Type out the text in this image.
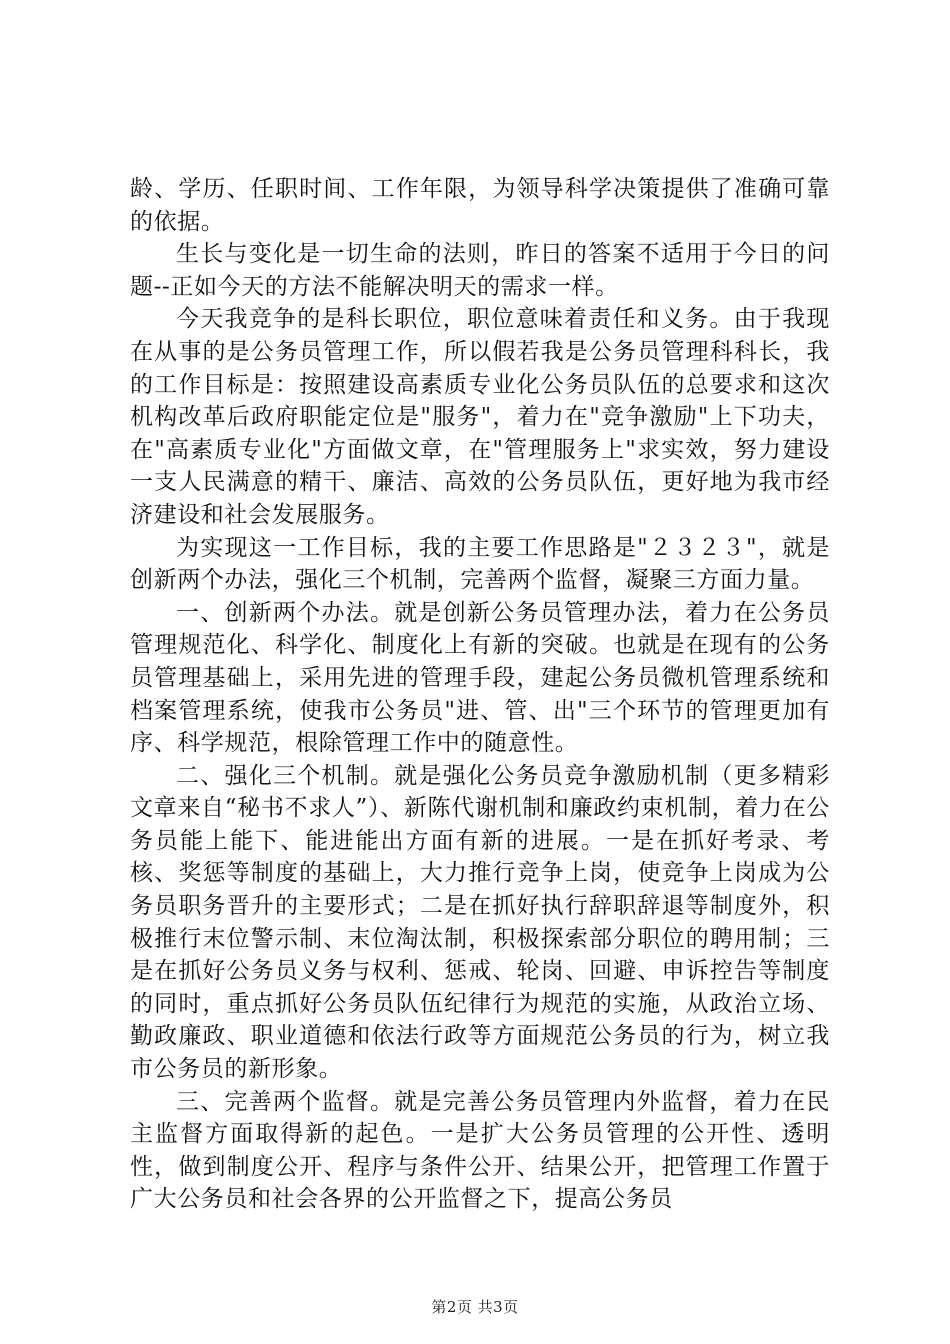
龄、学历、任职时间、工作年限，为领导科学决策提供了准确可靠的依据。

生长与变化是一切生命的法则，昨日的答案不适用于今日的问题--正如今天的方法不能解决明天的需求一样。

今天我竞争的是科长职位，职位意味着责任和义务。由于我现在从事的是公务员管理工作，所以假若我是公务员管理科科长，我的工作目标是：按照建设高素质专业化公务员队伍的总要求和这次机构改革后政府职能定位是"服务"，着力在"竞争激励"上下功夫，在"高素质专业化"方面做文章，在"管理服务上"求实效，努力建设一支人民满意的精干、廉洁、高效的公务员队伍，更好地为我市经济建设和社会发展服务。

为实现这一工作目标，我的主要工作思路是"２３２３"，就是创新两个办法，强化三个机制，完善两个监督，凝聚三方面力量。

一、创新两个办法。就是创新公务员管理办法，着力在公务员管理规范化、科学化、制度化上有新的突破。也就是在现有的公务员管理基础上，采用先进的管理手段，建起公务员微机管理系统和档案管理系统，使我市公务员"进、管、出"三个环节的管理更加有序、科学规范，根除管理工作中的随意性。

二、强化三个机制。就是强化公务员竞争激励机制（更多精彩文章来自“秘书不求人”）、新陈代谢机制和廉政约束机制，着力在公务员能上能下、能进能出方面有新的进展。一是在抓好考录、考核、奖惩等制度的基础上，大力推行竞争上岗，使竞争上岗成为公务员职务晋升的主要形式；二是在抓好执行辞职辞退等制度外，积极推行末位警示制、末位淘汰制，积极探索部分职位的聘用制；三是在抓好公务员义务与权利、惩戒、轮岗、回避、申诉控告等制度的同时，重点抓好公务员队伍纪律行为规范的实施，从政治立场、勤政廉政、职业道德和依法行政等方面规范公务员的行为，树立我市公务员的新形象。

三、完善两个监督。就是完善公务员管理内外监督，着力在民主监督方面取得新的起色。一是扩大公务员管理的公开性、透明性，做到制度公开、程序与条件公开、结果公开，把管理工作置于广大公务员和社会各界的公开监督之下，提高公务员

第2页 共3页
